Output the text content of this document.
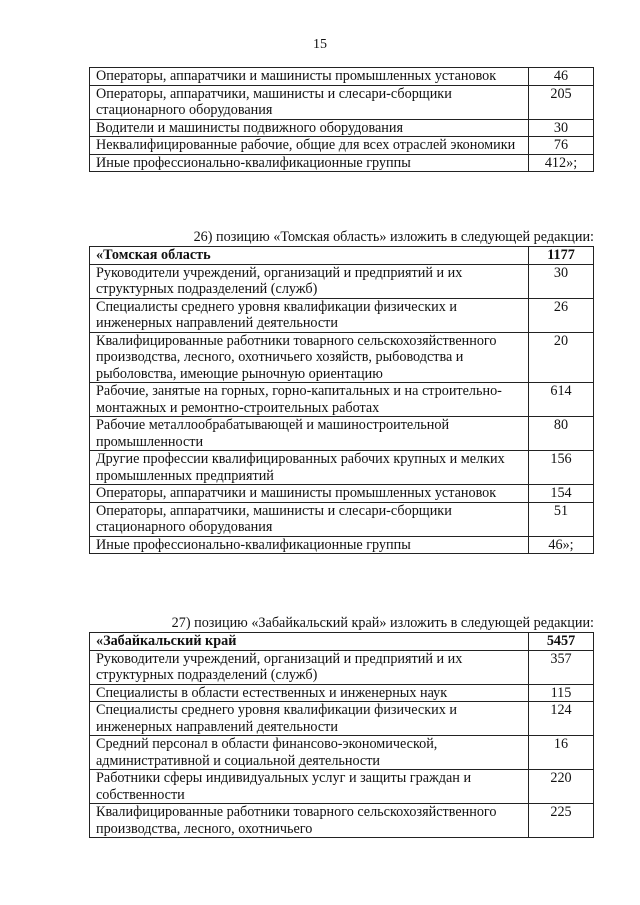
15
Операторы, аппаратчики и машинисты промышленных установок	46
Операторы, аппаратчики, машинисты и слесари-сборщики стационарного оборудования	205
Водители и машинисты подвижного оборудования	30
Неквалифицированные рабочие, общие для всех отраслей экономики	76
Иные профессионально-квалификационные группы	412»;
26) позицию «Томская область» изложить в следующей редакции:
«Томская область	1177
Руководители учреждений, организаций и предприятий и их структурных подразделений (служб)	30
Специалисты среднего уровня квалификации физических и инженерных направлений деятельности	26
Квалифицированные работники товарного сельскохозяйственного производства, лесного, охотничьего хозяйств, рыбоводства и рыболовства, имеющие рыночную ориентацию	20
Рабочие, занятые на горных, горно-капитальных и на строительно-монтажных и ремонтно-строительных работах	614
Рабочие металлообрабатывающей и машиностроительной промышленности	80
Другие профессии квалифицированных рабочих крупных и мелких промышленных предприятий	156
Операторы, аппаратчики и машинисты промышленных установок	154
Операторы, аппаратчики, машинисты и слесари-сборщики стационарного оборудования	51
Иные профессионально-квалификационные группы	46»;
27) позицию «Забайкальский край» изложить в следующей редакции:
«Забайкальский край	5457
Руководители учреждений, организаций и предприятий и их структурных подразделений (служб)	357
Специалисты в области естественных и инженерных наук	115
Специалисты среднего уровня квалификации физических и инженерных направлений деятельности	124
Средний персонал в области финансово-экономической, административной и социальной деятельности	16
Работники сферы индивидуальных услуг и защиты граждан и собственности	220
Квалифицированные работники товарного сельскохозяйственного производства, лесного, охотничьего	225
